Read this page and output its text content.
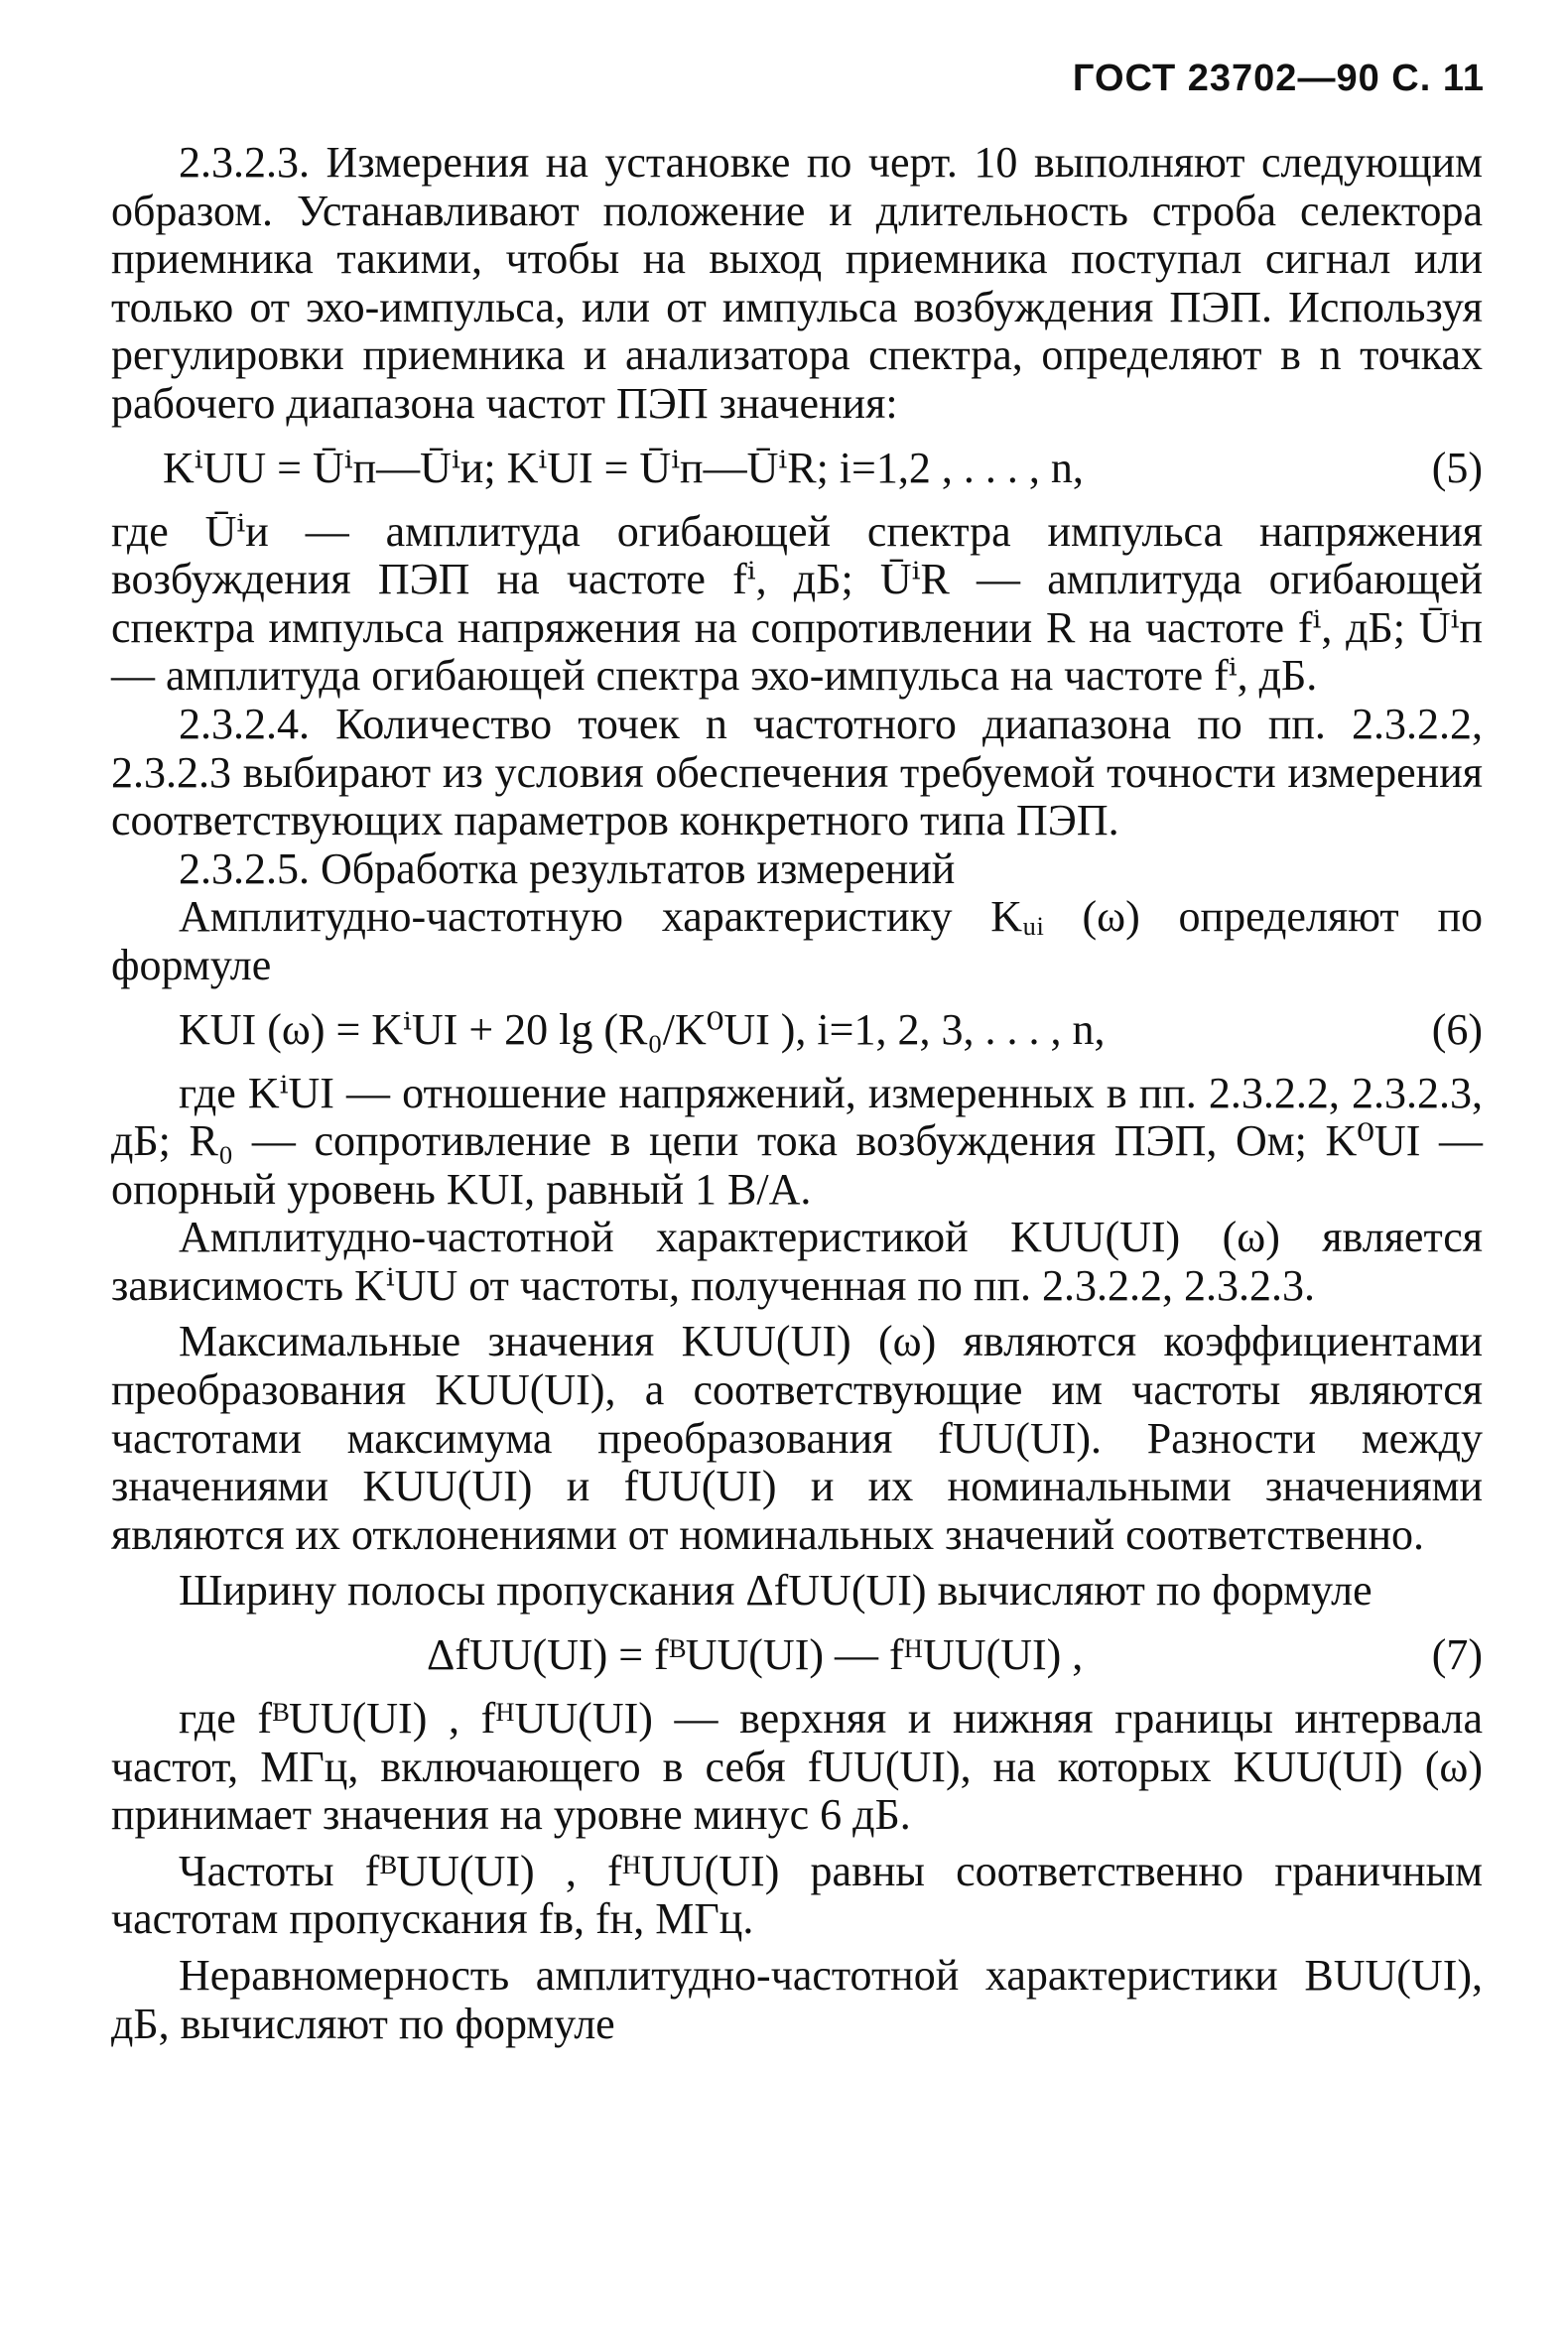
ГОСТ 23702—90 С. 11

2.3.2.3. Измерения на установке по черт. 10 выполняют следующим образом. Устанавливают положение и длительность строба селектора приемника такими, чтобы на выход приемника поступал сигнал или только от эхо-импульса, или от импульса возбуждения ПЭП. Используя регулировки приемника и анализатора спектра, определяют в n точках рабочего диапазона частот ПЭП значения:

KⁱUU = Ūⁱп—Ūⁱи; KⁱUI = Ūⁱп—ŪⁱR; i=1,2 , . . . , n,	(5)

где Ūⁱи — амплитуда огибающей спектра импульса напряжения возбуждения ПЭП на частоте fⁱ, дБ; ŪⁱR — амплитуда огибающей спектра импульса напряжения на сопротивлении R на частоте fⁱ, дБ; Ūⁱп — амплитуда огибающей спектра эхо-импульса на частоте fⁱ, дБ.

2.3.2.4. Количество точек n частотного диапазона по пп. 2.3.2.2, 2.3.2.3 выбирают из условия обеспечения требуемой точности измерения соответствующих параметров конкретного типа ПЭП.

2.3.2.5. Обработка результатов измерений

Амплитудно-частотную характеристику Kᵤᵢ (ω) определяют по формуле

KUI (ω) = KⁱUI + 20 lg (R₀/K⁰UI ), i=1, 2, 3, . . . , n,	(6)

где KⁱUI — отношение напряжений, измеренных в пп. 2.3.2.2, 2.3.2.3, дБ; R₀ — сопротивление в цепи тока возбуждения ПЭП, Ом; K⁰UI — опорный уровень KUI, равный 1 В/А.

Амплитудно-частотной характеристикой KUU(UI) (ω) является зависимость KⁱUU от частоты, полученная по пп. 2.3.2.2, 2.3.2.3.

Максимальные значения KUU(UI) (ω) являются коэффициентами преобразования KUU(UI), а соответствующие им частоты являются частотами максимума преобразования fUU(UI). Разности между значениями KUU(UI) и fUU(UI) и их номинальными значениями являются их отклонениями от номинальных значений соответственно.

Ширину полосы пропускания ΔfUU(UI) вычисляют по формуле

ΔfUU(UI) = fᴮUU(UI) — fᴴUU(UI) ,	(7)

где fᴮUU(UI) , fᴴUU(UI) — верхняя и нижняя границы интервала частот, МГц, включающего в себя fUU(UI), на которых KUU(UI) (ω) принимает значения на уровне минус 6 дБ.

Частоты fᴮUU(UI) , fᴴUU(UI) равны соответственно граничным частотам пропускания fв, fн, МГц.

Неравномерность амплитудно-частотной характеристики BUU(UI), дБ, вычисляют по формуле
